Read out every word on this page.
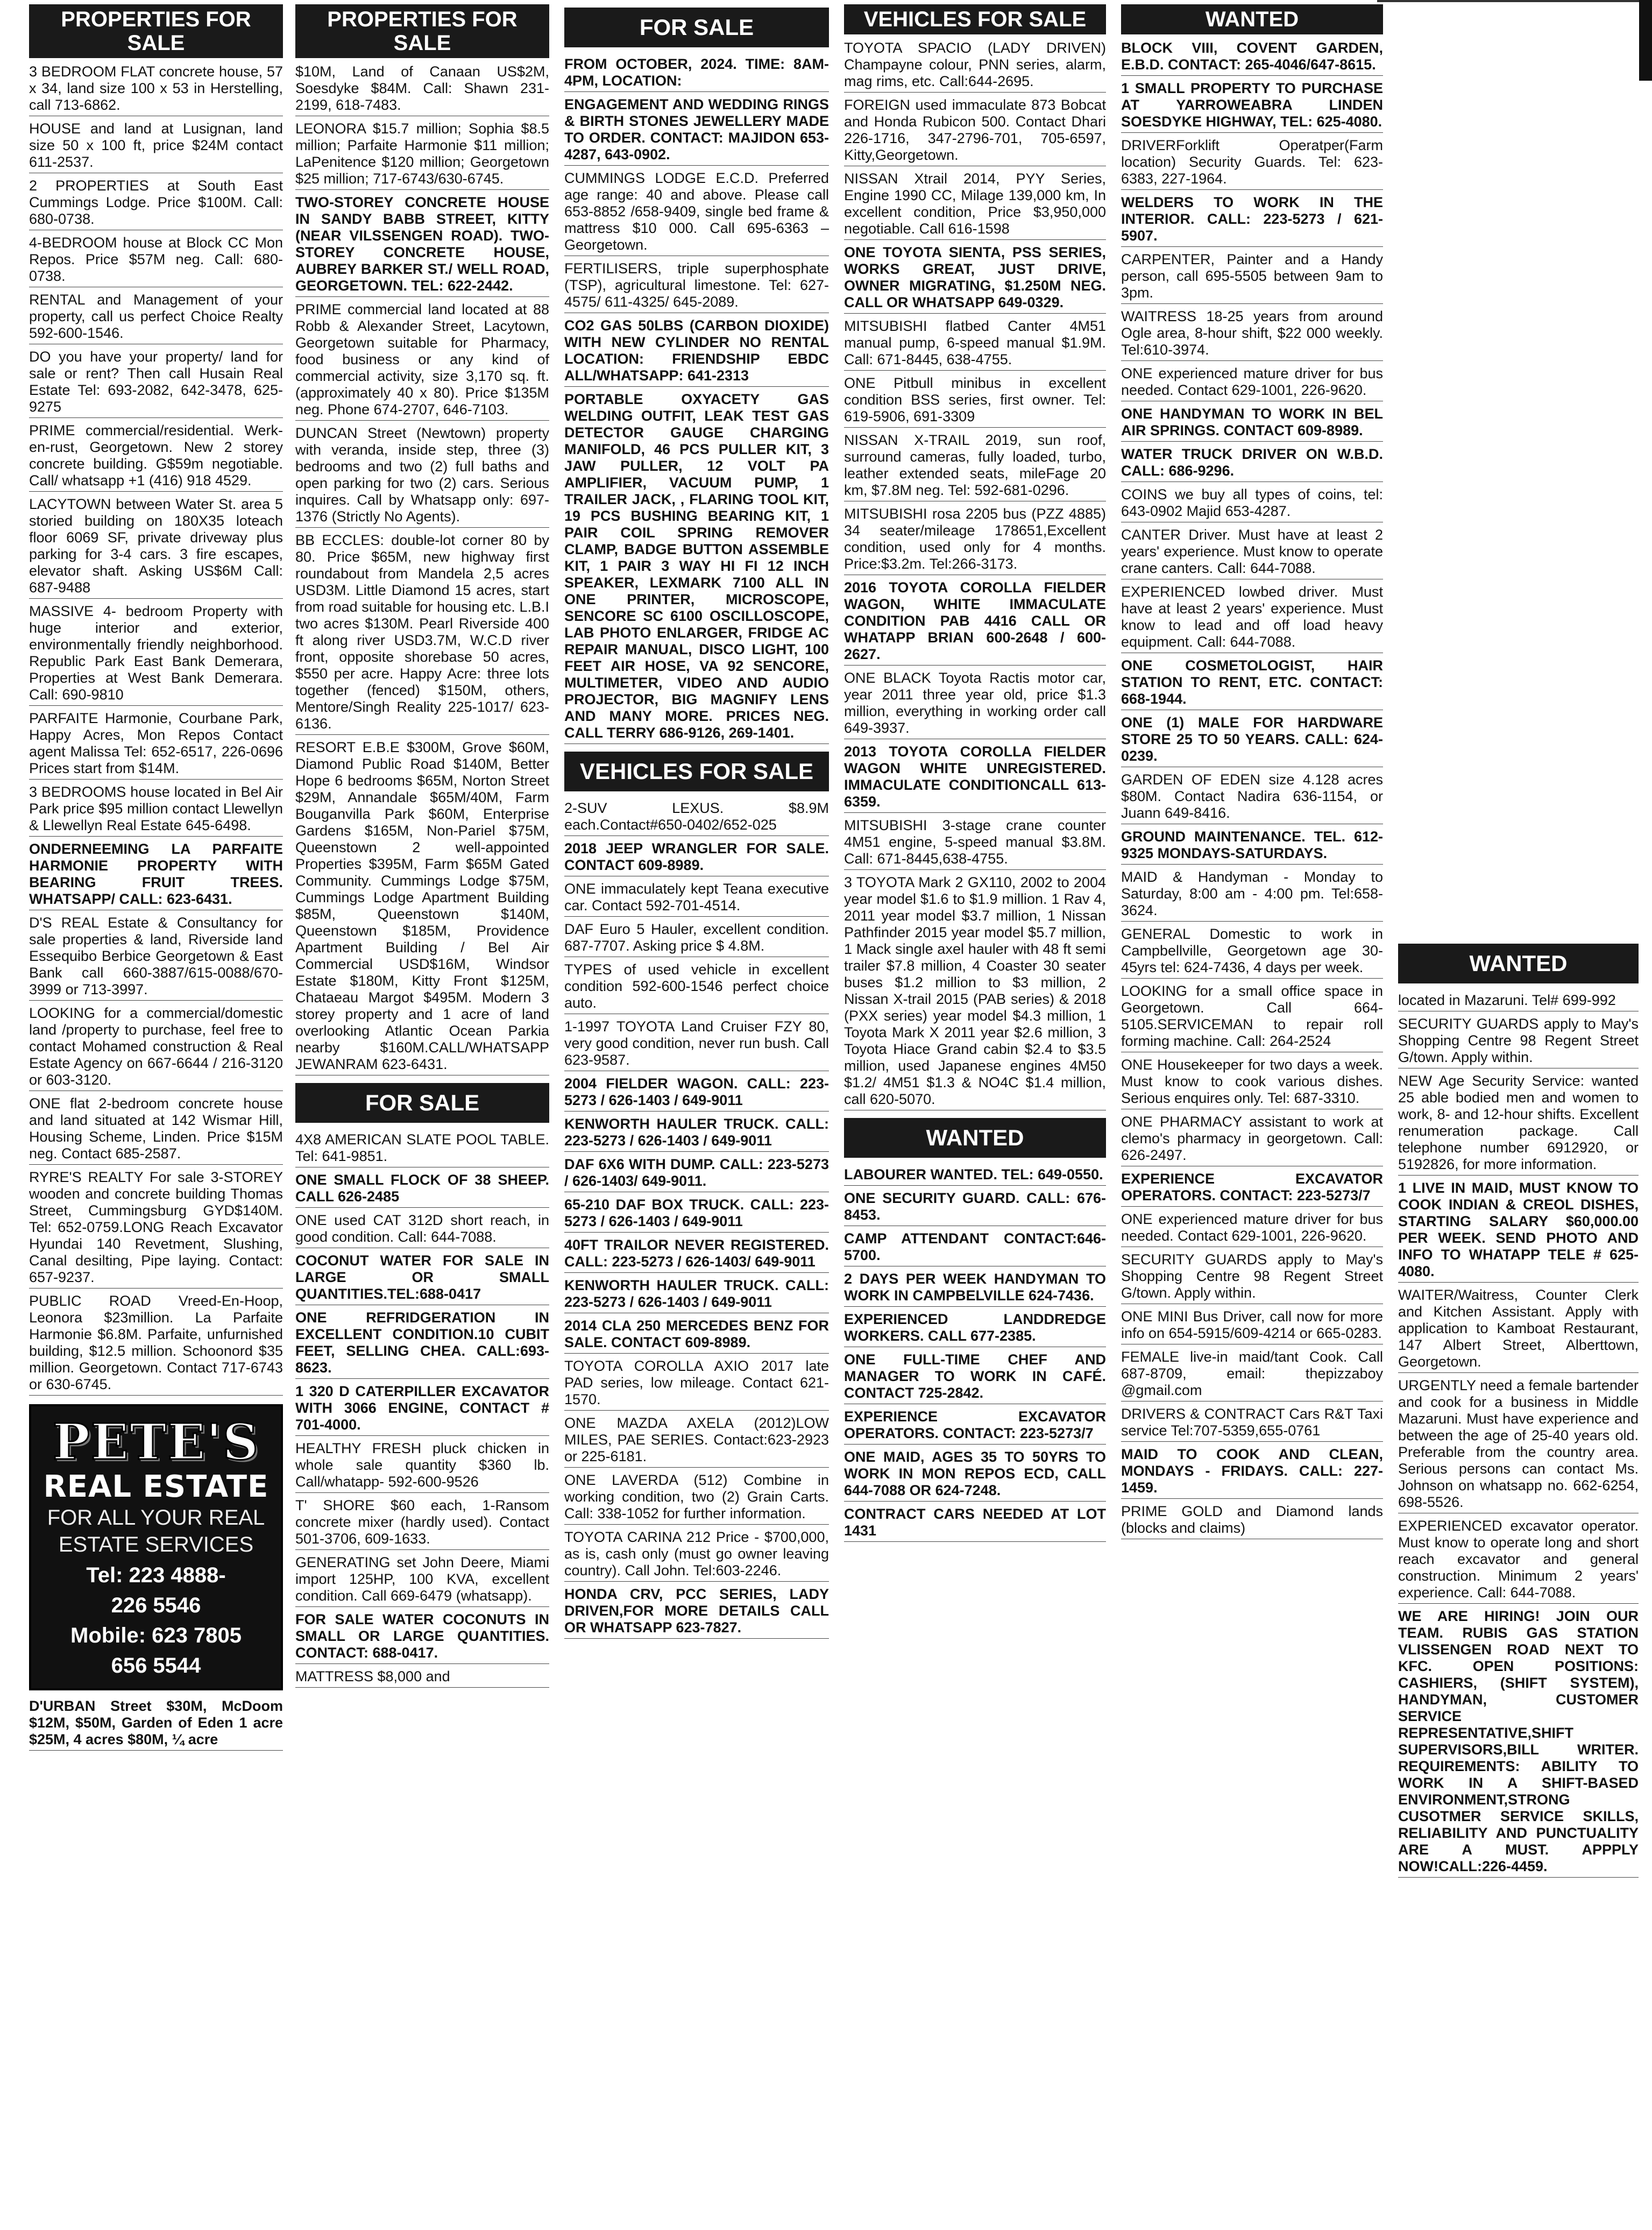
PROPERTIES FOR SALE
3 BEDROOM FLAT concrete house, 57 x 34, land size 100 x 53 in Herstelling, call 713-6862.
HOUSE and land at Lusignan, land size 50 x 100 ft, price $24M contact 611-2537.
2 PROPERTIES at South East Cummings Lodge. Price $100M. Call: 680-0738.
4-BEDROOM house at Block CC Mon Repos. Price $57M neg. Call: 680-0738.
RENTAL and Management of your property, call us perfect Choice Realty 592-600-1546.
DO you have your property/ land for sale or rent? Then call Husain Real Estate Tel: 693-2082, 642-3478, 625-9275
PRIME commercial/residential. Werk-en-rust, Georgetown. New 2 storey concrete building. G$59m negotiable. Call/ whatsapp +1 (416) 918 4529.
LACYTOWN between Water St. area 5 storied building on 180X35 loteach floor 6069 SF, private driveway plus parking for 3-4 cars. 3 fire escapes, elevator shaft. Asking US$6M Call: 687-9488
MASSIVE 4- bedroom Property with huge interior and exterior, environmentally friendly neighborhood. Republic Park East Bank Demerara, Properties at West Bank Demerara. Call: 690-9810
PARFAITE Harmonie, Courbane Park, Happy Acres, Mon Repos Contact agent Malissa Tel: 652-6517, 226-0696 Prices start from $14M.
3 BEDROOMS house located in Bel Air Park price $95 million contact Llewellyn & Llewellyn Real Estate 645-6498.
ONDERNEEMING LA PARFAITE HARMONIE PROPERTY WITH BEARING FRUIT TREES. WHATSAPP/ CALL: 623-6431.
D'S REAL Estate & Consultancy for sale properties & land, Riverside land Essequibo Berbice Georgetown & East Bank call 660-3887/615-0088/670-3999 or 713-3997.
LOOKING for a commercial/domestic land /property to purchase, feel free to contact Mohamed construction & Real Estate Agency on 667-6644 / 216-3120 or 603-3120.
ONE flat 2-bedroom concrete house and land situated at 142 Wismar Hill, Housing Scheme, Linden. Price $15M neg. Contact 685-2587.
RYRE'S REALTY For sale 3-STOREY wooden and concrete building Thomas Street, Cummingsburg GYD$140M. Tel: 652-0759.LONG Reach Excavator Hyundai 140 Revetment, Slushing, Canal desilting, Pipe laying. Contact: 657-9237.
PUBLIC ROAD Vreed-En-Hoop, Leonora $23million. La Parfaite Harmonie $6.8M. Parfaite, unfurnished building, $12.5 million. Schoonord $35 million. Georgetown. Contact 717-6743 or 630-6745.
PETE'S
REAL ESTATE
FOR ALL YOUR REAL
ESTATE SERVICES
Tel: 223 4888-
226 5546
Mobile: 623 7805
656 5544
D'URBAN Street $30M, McDoom $12M, $50M, Garden of Eden 1 acre $25M, 4 acres $80M, ¼ acre
PROPERTIES FOR SALE
$10M, Land of Canaan US$2M, Soesdyke $84M. Call: Shawn 231-2199, 618-7483.
LEONORA $15.7 million; Sophia $8.5 million; Parfaite Harmonie $11 million; LaPenitence $120 million; Georgetown $25 million; 717-6743/630-6745.
TWO-STOREY CONCRETE HOUSE IN SANDY BABB STREET, KITTY (NEAR VILSSENGEN ROAD). TWO-STOREY CONCRETE HOUSE, AUBREY BARKER ST./ WELL ROAD, GEORGETOWN. TEL: 622-2442.
PRIME commercial land located at 88 Robb & Alexander Street, Lacytown, Georgetown suitable for Pharmacy, food business or any kind of commercial activity, size 3,170 sq. ft. (approximately 40 x 80). Price $135M neg. Phone 674-2707, 646-7103.
DUNCAN Street (Newtown) property with veranda, inside step, three (3) bedrooms and two (2) full baths and open parking for two (2) cars. Serious inquires. Call by Whatsapp only: 697-1376 (Strictly No Agents).
BB ECCLES: double-lot corner 80 by 80. Price $65M, new highway first roundabout from Mandela 2,5 acres USD3M. Little Diamond 15 acres, start from road suitable for housing etc. L.B.I two acres $130M. Pearl Riverside 400 ft along river USD3.7M, W.C.D river front, opposite shorebase 50 acres, $550 per acre. Happy Acre: three lots together (fenced) $150M, others, Mentore/Singh Reality 225-1017/ 623-6136.
RESORT E.B.E $300M, Grove $60M, Diamond Public Road $140M, Better Hope 6 bedrooms $65M, Norton Street $29M, Annandale $65M/40M, Farm Bouganvilla Park $60M, Enterprise Gardens $165M, Non-Pariel $75M, Queenstown 2 well-appointed Properties $395M, Farm $65M Gated Community. Cummings Lodge $75M, Cummings Lodge Apartment Building $85M, Queenstown $140M, Queenstown $185M, Providence Apartment Building / Bel Air Commercial USD$16M, Windsor Estate $180M, Kitty Front $125M, Chataeau Margot $495M. Modern 3 storey property and 1 acre of land overlooking Atlantic Ocean Parkia nearby $160M.CALL/WHATSAPP JEWANRAM 623-6431.
FOR SALE
4X8 AMERICAN SLATE POOL TABLE. Tel: 641-9851.
ONE SMALL FLOCK OF 38 SHEEP. CALL 626-2485
ONE used CAT 312D short reach, in good condition. Call: 644-7088.
COCONUT WATER FOR SALE IN LARGE OR SMALL QUANTITIES.TEL:688-0417
ONE REFRIDGERATION IN EXCELLENT CONDITION.10 CUBIT FEET, SELLING CHEA. CALL:693-8623.
1 320 D CATERPILLER EXCAVATOR WITH 3066 ENGINE, CONTACT # 701-4000.
HEALTHY FRESH pluck chicken in whole sale quantity $360 lb. Call/whatapp- 592-600-9526
T' SHORE $60 each, 1-Ransom concrete mixer (hardly used). Contact 501-3706, 609-1633.
GENERATING set John Deere, Miami import 125HP, 100 KVA, excellent condition. Call 669-6479 (whatsapp).
FOR SALE WATER COCONUTS IN SMALL OR LARGE QUANTITIES. CONTACT: 688-0417.
MATTRESS $8,000 and
FOR SALE
FROM OCTOBER, 2024. TIME: 8AM-4PM, LOCATION:
ENGAGEMENT AND WEDDING RINGS & BIRTH STONES JEWELLERY MADE TO ORDER. CONTACT: MAJIDON 653-4287, 643-0902.
CUMMINGS LODGE E.C.D. Preferred age range: 40 and above. Please call 653-8852 /658-9409, single bed frame & mattress $10 000. Call 695-6363 – Georgetown.
FERTILISERS, triple superphosphate (TSP), agricultural limestone. Tel: 627-4575/ 611-4325/ 645-2089.
CO2 GAS 50LBS (CARBON DIOXIDE) WITH NEW CYLINDER NO RENTAL LOCATION: FRIENDSHIP EBDC ALL/WHATSAPP: 641-2313
PORTABLE OXYACETY GAS WELDING OUTFIT, LEAK TEST GAS DETECTOR GAUGE CHARGING MANIFOLD, 46 PCS PULLER KIT, 3 JAW PULLER, 12 VOLT PA AMPLIFIER, VACUUM PUMP, 1 TRAILER JACK, , FLARING TOOL KIT, 19 PCS BUSHING BEARING KIT, 1 PAIR COIL SPRING REMOVER CLAMP, BADGE BUTTON ASSEMBLE KIT, 1 PAIR 3 WAY HI FI 12 INCH SPEAKER, LEXMARK 7100 ALL IN ONE PRINTER, MICROSCOPE, SENCORE SC 6100 OSCILLOSCOPE, LAB PHOTO ENLARGER, FRIDGE AC REPAIR MANUAL, DISCO LIGHT, 100 FEET AIR HOSE, VA 92 SENCORE, MULTIMETER, VIDEO AND AUDIO PROJECTOR, BIG MAGNIFY LENS AND MANY MORE. PRICES NEG. CALL TERRY 686-9126, 269-1401.
VEHICLES FOR SALE
2-SUV LEXUS. $8.9M each.Contact#650-0402/652-025
2018 JEEP WRANGLER FOR SALE. CONTACT 609-8989.
ONE immaculately kept Teana executive car. Contact 592-701-4514.
DAF Euro 5 Hauler, excellent condition. 687-7707. Asking price $ 4.8M.
TYPES of used vehicle in excellent condition 592-600-1546 perfect choice auto.
1-1997 TOYOTA Land Cruiser FZY 80, very good condition, never run bush. Call 623-9587.
2004 FIELDER WAGON. CALL: 223-5273 / 626-1403 / 649-9011
KENWORTH HAULER TRUCK. CALL: 223-5273 / 626-1403 / 649-9011
DAF 6X6 WITH DUMP. CALL: 223-5273 / 626-1403/ 649-9011.
65-210 DAF BOX TRUCK. CALL: 223-5273 / 626-1403 / 649-9011
40FT TRAILOR NEVER REGISTERED. CALL: 223-5273 / 626-1403/ 649-9011
KENWORTH HAULER TRUCK. CALL: 223-5273 / 626-1403 / 649-9011
2014 CLA 250 MERCEDES BENZ FOR SALE. CONTACT 609-8989.
TOYOTA COROLLA AXIO 2017 late PAD series, low mileage. Contact 621-1570.
ONE MAZDA AXELA (2012)LOW MILES, PAE SERIES. Contact:623-2923 or 225-6181.
ONE LAVERDA (512) Combine in working condition, two (2) Grain Carts. Call: 338-1052 for further information.
TOYOTA CARINA 212 Price - $700,000, as is, cash only (must go owner leaving country). Call John. Tel:603-2246.
HONDA CRV, PCC SERIES, LADY DRIVEN,FOR MORE DETAILS CALL OR WHATSAPP 623-7827.
VEHICLES FOR SALE
TOYOTA SPACIO (LADY DRIVEN) Champayne colour, PNN series, alarm, mag rims, etc. Call:644-2695.
FOREIGN used immaculate 873 Bobcat and Honda Rubicon 500. Contact Dhari 226-1716, 347-2796-701, 705-6597, Kitty,Georgetown.
NISSAN Xtrail 2014, PYY Series, Engine 1990 CC, Milage 139,000 km, In excellent condition, Price $3,950,000 negotiable. Call 616-1598
ONE TOYOTA SIENTA, PSS SERIES, WORKS GREAT, JUST DRIVE, OWNER MIGRATING, $1.250M NEG. CALL OR WHATSAPP 649-0329.
MITSUBISHI flatbed Canter 4M51 manual pump, 6-speed manual $1.9M. Call: 671-8445, 638-4755.
ONE Pitbull minibus in excellent condition BSS series, first owner. Tel: 619-5906, 691-3309
NISSAN X-TRAIL 2019, sun roof, surround cameras, fully loaded, turbo, leather extended seats, mileFage 20 km, $7.8M neg. Tel: 592-681-0296.
MITSUBISHI rosa 2205 bus (PZZ 4885) 34 seater/mileage 178651,Excellent condition, used only for 4 months. Price:$3.2m. Tel:266-3173.
2016 TOYOTA COROLLA FIELDER WAGON, WHITE IMMACULATE CONDITION PAB 4416 CALL OR WHATAPP BRIAN 600-2648 / 600-2627.
ONE BLACK Toyota Ractis motor car, year 2011 three year old, price $1.3 million, everything in working order call 649-3937.
2013 TOYOTA COROLLA FIELDER WAGON WHITE UNREGISTERED. IMMACULATE CONDITIONCALL 613-6359.
MITSUBISHI 3-stage crane counter 4M51 engine, 5-speed manual $3.8M. Call: 671-8445,638-4755.
3 TOYOTA Mark 2 GX110, 2002 to 2004 year model $1.6 to $1.9 million. 1 Rav 4, 2011 year model $3.7 million, 1 Nissan Pathfinder 2015 year model $5.7 million, 1 Mack single axel hauler with 48 ft semi trailer $7.8 million, 4 Coaster 30 seater buses $1.2 million to $3 million, 2 Nissan X-trail 2015 (PAB series) & 2018 (PXX series) year model $4.3 million, 1 Toyota Mark X 2011 year $2.6 million, 3 Toyota Hiace Grand cabin $2.4 to $3.5 million, used Japanese engines 4M50 $1.2/ 4M51 $1.3 & NO4C $1.4 million, call 620-5070.
WANTED
LABOURER WANTED. TEL: 649-0550.
ONE SECURITY GUARD. CALL: 676-8453.
CAMP ATTENDANT CONTACT:646-5700.
2 DAYS PER WEEK HANDYMAN TO WORK IN CAMPBELVILLE 624-7436.
EXPERIENCED LANDDREDGE WORKERS. CALL 677-2385.
ONE FULL-TIME CHEF AND MANAGER TO WORK IN CAFÉ. CONTACT 725-2842.
EXPERIENCE EXCAVATOR OPERATORS. CONTACT: 223-5273/7
ONE MAID, AGES 35 TO 50YRS TO WORK IN MON REPOS ECD, CALL 644-7088 OR 624-7248.
CONTRACT CARS NEEDED AT LOT 1431
WANTED
BLOCK VIII, COVENT GARDEN, E.B.D. CONTACT: 265-4046/647-8615.
1 SMALL PROPERTY TO PURCHASE AT YARROWEABRA LINDEN SOESDYKE HIGHWAY, TEL: 625-4080.
DRIVERForklift Operatper(Farm location) Security Guards. Tel: 623-6383, 227-1964.
WELDERS TO WORK IN THE INTERIOR. CALL: 223-5273 / 621-5907.
CARPENTER, Painter and a Handy person, call 695-5505 between 9am to 3pm.
WAITRESS 18-25 years from around Ogle area, 8-hour shift, $22 000 weekly. Tel:610-3974.
ONE experienced mature driver for bus needed. Contact 629-1001, 226-9620.
ONE HANDYMAN TO WORK IN BEL AIR SPRINGS. CONTACT 609-8989.
WATER TRUCK DRIVER ON W.B.D. CALL: 686-9296.
COINS we buy all types of coins, tel: 643-0902 Majid 653-4287.
CANTER Driver. Must have at least 2 years' experience. Must know to operate crane canters. Call: 644-7088.
EXPERIENCED lowbed driver. Must have at least 2 years' experience. Must know to lead and off load heavy equipment. Call: 644-7088.
ONE COSMETOLOGIST, HAIR STATION TO RENT, ETC. CONTACT: 668-1944.
ONE (1) MALE FOR HARDWARE STORE 25 TO 50 YEARS. CALL: 624-0239.
GARDEN OF EDEN size 4.128 acres $80M. Contact Nadira 636-1154, or Juann 649-8416.
GROUND MAINTENANCE. TEL. 612-9325 MONDAYS-SATURDAYS.
MAID & Handyman - Monday to Saturday, 8:00 am - 4:00 pm. Tel:658-3624.
GENERAL Domestic to work in Campbellville, Georgetown age 30-45yrs tel: 624-7436, 4 days per week.
LOOKING for a small office space in Georgetown. Call 664-5105.SERVICEMAN to repair roll forming machine. Call: 264-2524
ONE Housekeeper for two days a week. Must know to cook various dishes. Serious enquires only. Tel: 687-3310.
ONE PHARMACY assistant to work at clemo's pharmacy in georgetown. Call: 626-2497.
EXPERIENCE EXCAVATOR OPERATORS. CONTACT: 223-5273/7
ONE experienced mature driver for bus needed. Contact 629-1001, 226-9620.
SECURITY GUARDS apply to May's Shopping Centre 98 Regent Street G/town. Apply within.
ONE MINI Bus Driver, call now for more info on 654-5915/609-4214 or 665-0283.
FEMALE live-in maid/tant Cook. Call 687-8709, email: thepizzaboy @gmail.com
DRIVERS & CONTRACT Cars R&T Taxi service Tel:707-5359,655-0761
MAID TO COOK AND CLEAN, MONDAYS - FRIDAYS. CALL: 227-1459.
PRIME GOLD and Diamond lands (blocks and claims)
WANTED
located in Mazaruni. Tel# 699-992
SECURITY GUARDS apply to May's Shopping Centre 98 Regent Street G/town. Apply within.
NEW Age Security Service: wanted 25 able bodied men and women to work, 8- and 12-hour shifts. Excellent renumeration package. Call telephone number 6912920, or 5192826, for more information.
1 LIVE IN MAID, MUST KNOW TO COOK INDIAN & CREOL DISHES, STARTING SALARY $60,000.00 PER WEEK. SEND PHOTO AND INFO TO WHATAPP TELE # 625-4080.
WAITER/Waitress, Counter Clerk and Kitchen Assistant. Apply with application to Kamboat Restaurant, 147 Albert Street, Alberttown, Georgetown.
URGENTLY need a female bartender and cook for a business in Middle Mazaruni. Must have experience and between the age of 25-40 years old. Preferable from the country area. Serious persons can contact Ms. Johnson on whatsapp no. 662-6254, 698-5526.
EXPERIENCED excavator operator. Must know to operate long and short reach excavator and general construction. Minimum 2 years' experience. Call: 644-7088.
WE ARE HIRING! JOIN OUR TEAM. RUBIS GAS STATION VLISSENGEN ROAD NEXT TO KFC. OPEN POSITIONS: CASHIERS, (SHIFT SYSTEM), HANDYMAN, CUSTOMER SERVICE REPRESENTATIVE,SHIFT SUPERVISORS,BILL WRITER. REQUIREMENTS: ABILITY TO WORK IN A SHIFT-BASED ENVIRONMENT,STRONG CUSOTMER SERVICE SKILLS, RELIABILITY AND PUNCTUALITY ARE A MUST. APPPLY NOW!CALL:226-4459.
